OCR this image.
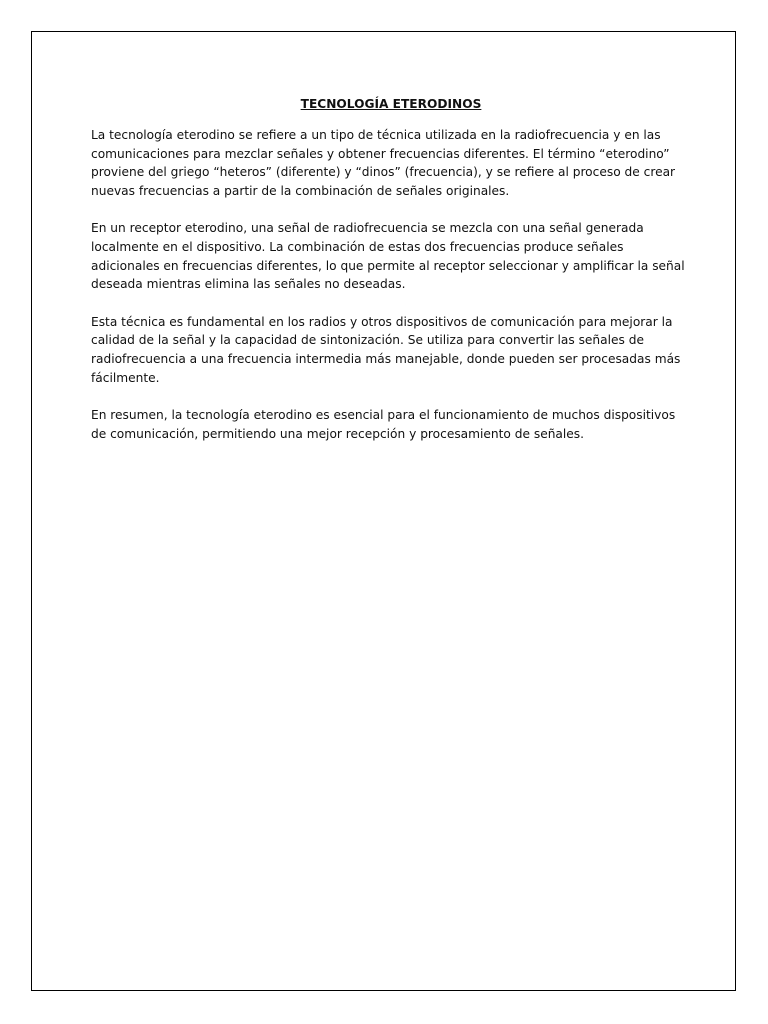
TECNOLOGÍA ETERODINOS

La tecnología eterodino se refiere a un tipo de técnica utilizada en la radiofrecuencia y en las comunicaciones para mezclar señales y obtener frecuencias diferentes. El término “eterodino” proviene del griego “heteros” (diferente) y “dinos” (frecuencia), y se refiere al proceso de crear nuevas frecuencias a partir de la combinación de señales originales.

En un receptor eterodino, una señal de radiofrecuencia se mezcla con una señal generada localmente en el dispositivo. La combinación de estas dos frecuencias produce señales adicionales en frecuencias diferentes, lo que permite al receptor seleccionar y amplificar la señal deseada mientras elimina las señales no deseadas.

Esta técnica es fundamental en los radios y otros dispositivos de comunicación para mejorar la calidad de la señal y la capacidad de sintonización. Se utiliza para convertir las señales de radiofrecuencia a una frecuencia intermedia más manejable, donde pueden ser procesadas más fácilmente.

En resumen, la tecnología eterodino es esencial para el funcionamiento de muchos dispositivos de comunicación, permitiendo una mejor recepción y procesamiento de señales.
